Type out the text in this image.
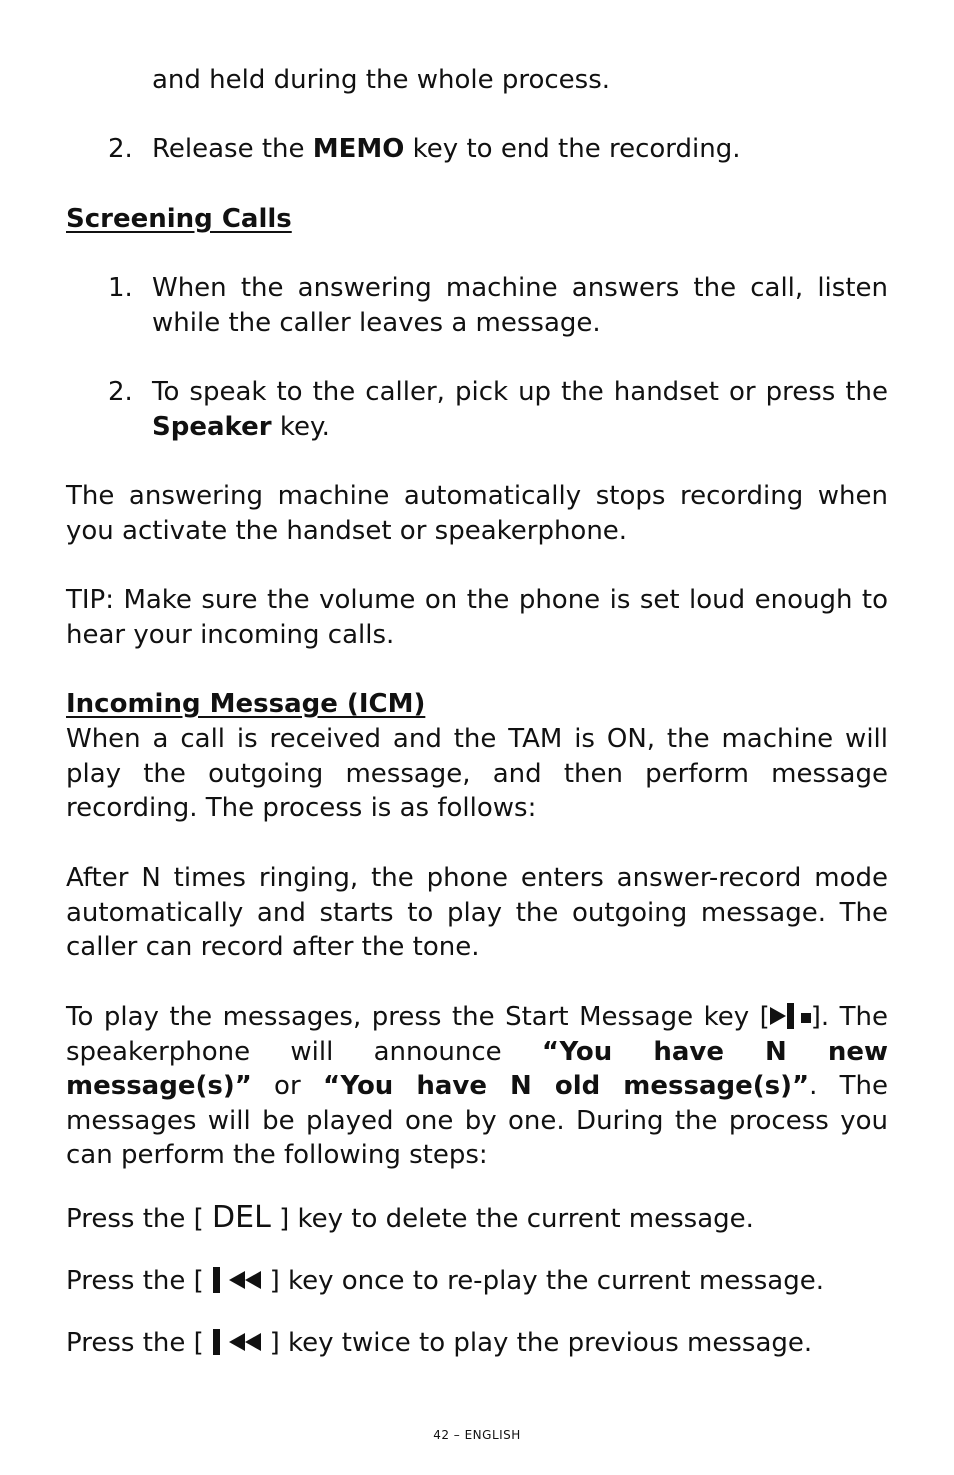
and held during the whole process.

2. Release the MEMO key to end the recording.

Screening Calls

1. When the answering machine answers the call, listen

while the caller leaves a message.

2. To speak to the caller, pick up the handset or press the

Speaker key.

The answering machine automatically stops recording when you activate the handset or speakerphone.

TIP: Make sure the volume on the phone is set loud enough to hear your incoming calls.

Incoming Message (ICM)

When a call is received and the TAM is ON, the machine will play the outgoing message, and then perform message recording. The process is as follows:

After N times ringing, the phone enters answer-record mode automatically and starts to play the outgoing message. The caller can record after the tone.

To play the messages, press the Start Message key [ ]. The speakerphone will announce “You have N new message(s)” or “You have N old message(s)”. The messages will be played one by one. During the process you can perform the following steps:

Press the [ DEL ] key to delete the current message.

Press the [   ] key once to re-play the current message.

Press the [   ] key twice to play the previous message.

42 – ENGLISH
